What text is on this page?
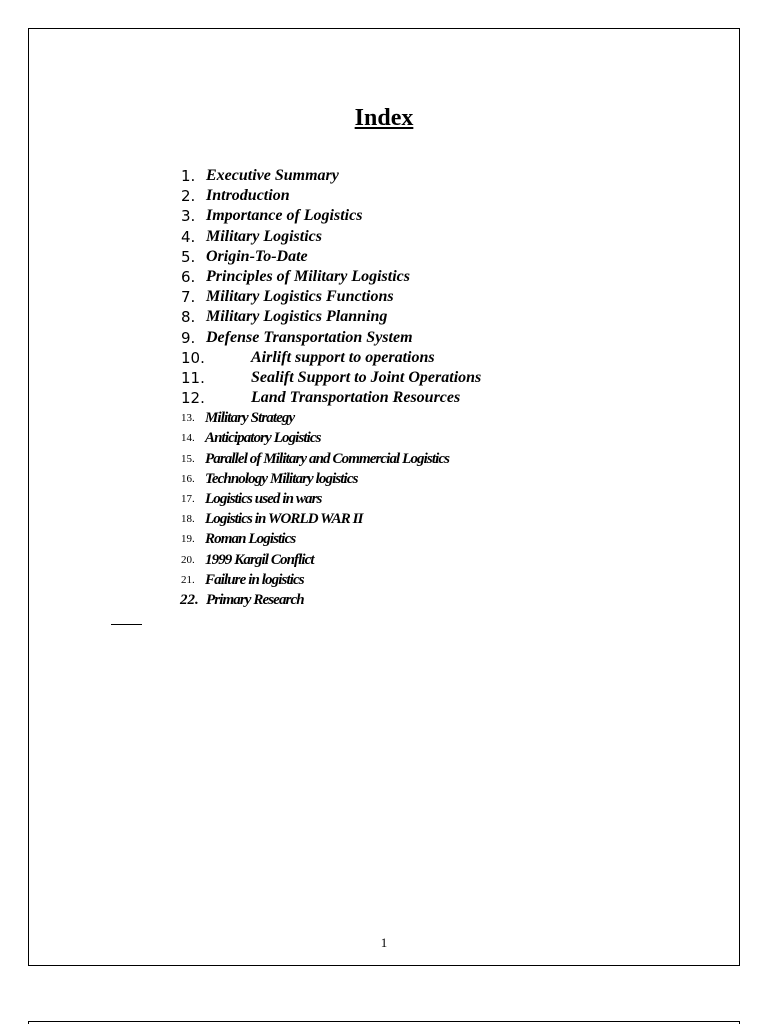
Index
1. Executive Summary
2. Introduction
3. Importance of Logistics
4. Military Logistics
5. Origin-To-Date
6. Principles of Military Logistics
7. Military Logistics Functions
8. Military Logistics Planning
9. Defense Transportation System
10.	Airlift support to operations
11.	Sealift Support to Joint Operations
12.	Land Transportation Resources
13. Military Strategy
14. Anticipatory Logistics
15. Parallel of Military and Commercial Logistics
16. Technology Military logistics
17. Logistics used in wars
18. Logistics in WORLD WAR II
19. Roman Logistics
20. 1999 Kargil Conflict
21. Failure in logistics
22. Primary Research
1
